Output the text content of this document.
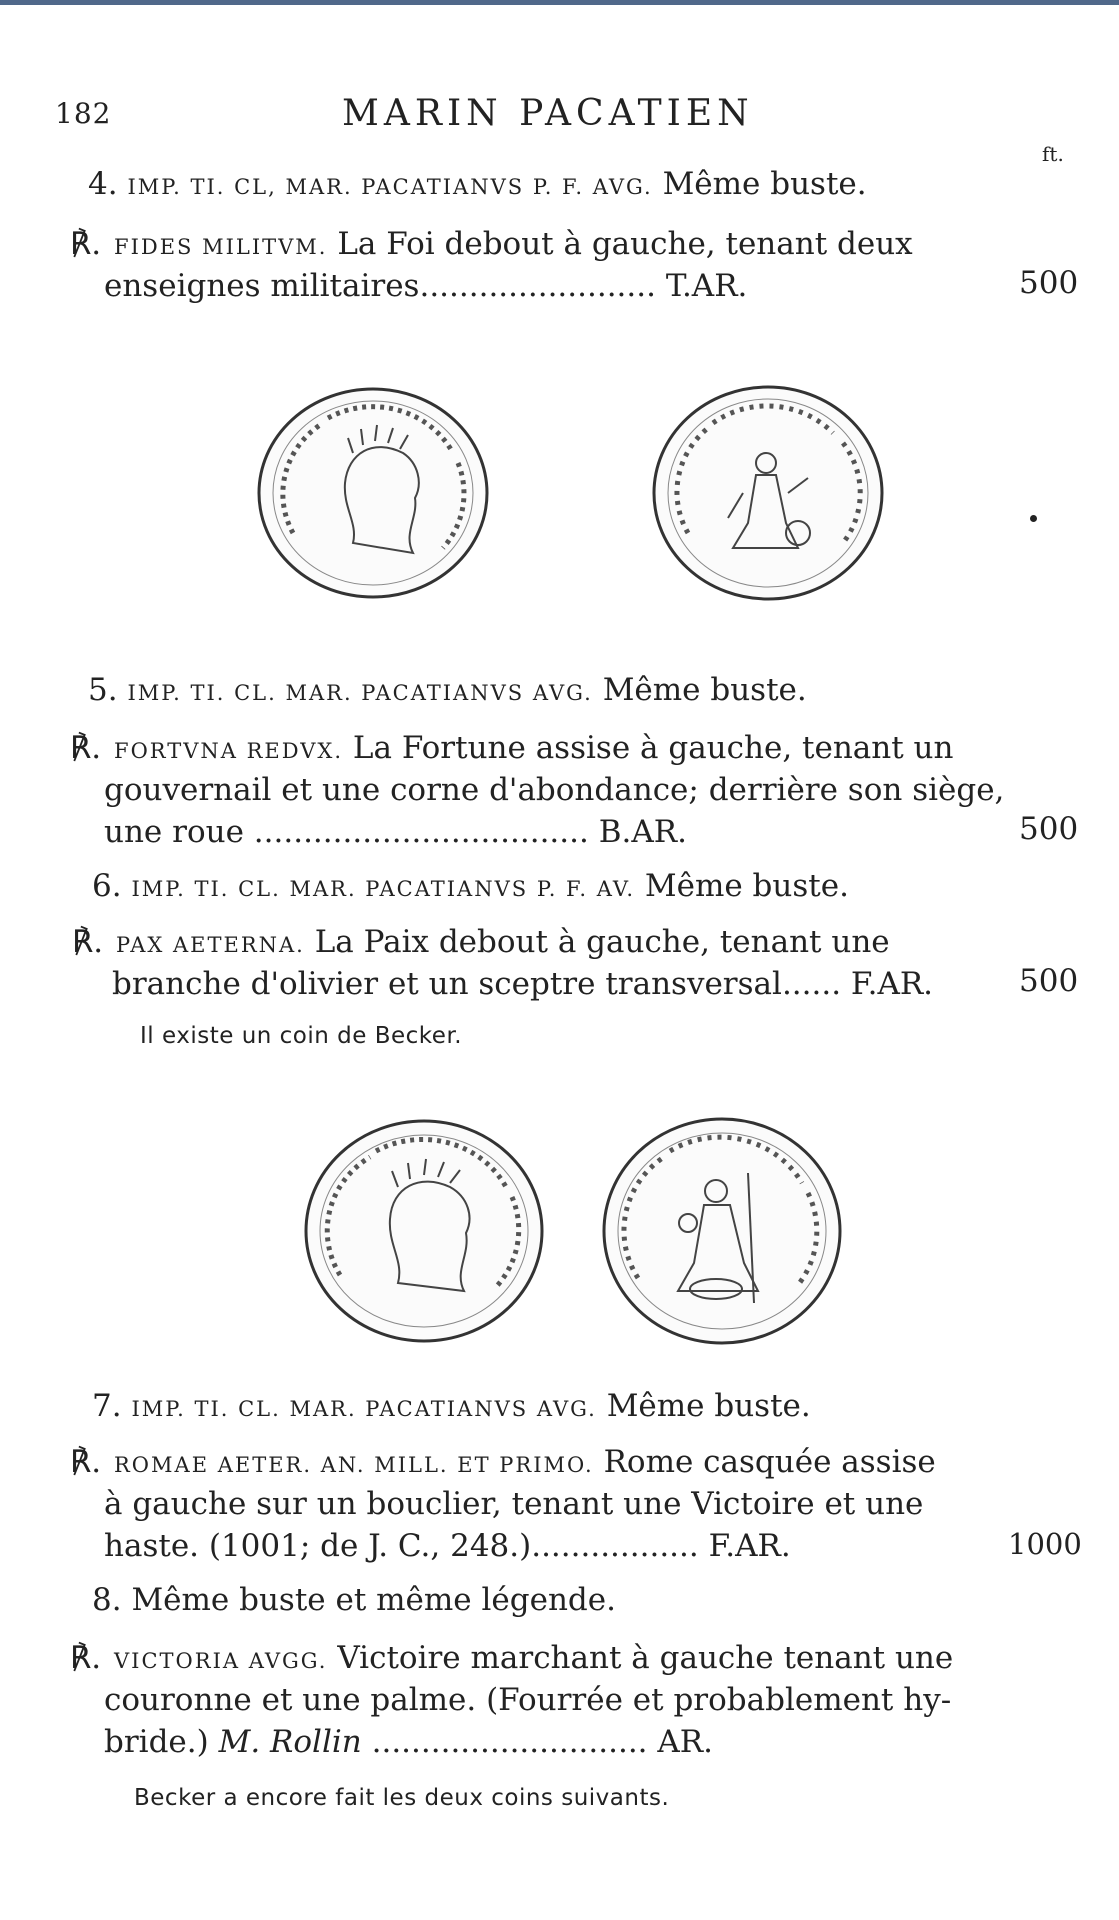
182	MARIN PACATIEN
ft.
4. IMP. TI. CL, MAR. PACATIANVS P. F. AVG. Même buste.
℟. FIDES MILITVM. La Foi debout à gauche, tenant deux
enseignes militaires........................ T.AR.	500
5. IMP. TI. CL. MAR. PACATIANVS AVG. Même buste.
℟. FORTVNA REDVX. La Fortune assise à gauche, tenant un
gouvernail et une corne d'abondance; derrière son siège,
une roue .................................. B.AR.	500
6. IMP. TI. CL. MAR. PACATIANVS P. F. AV. Même buste.
℟. PAX AETERNA. La Paix debout à gauche, tenant une
branche d'olivier et un sceptre transversal...... F.AR.	500
Il existe un coin de Becker.
7. IMP. TI. CL. MAR. PACATIANVS AVG. Même buste.
℟. ROMAE AETER. AN. MILL. ET PRIMO. Rome casquée assise
à gauche sur un bouclier, tenant une Victoire et une
haste. (1001; de J. C., 248.)................. F.AR.	1000
8. Même buste et même légende.
℟. VICTORIA AVGG. Victoire marchant à gauche tenant une
couronne et une palme. (Fourrée et probablement hy-
bride.) M. Rollin ............................ AR.
Becker a encore fait les deux coins suivants.
